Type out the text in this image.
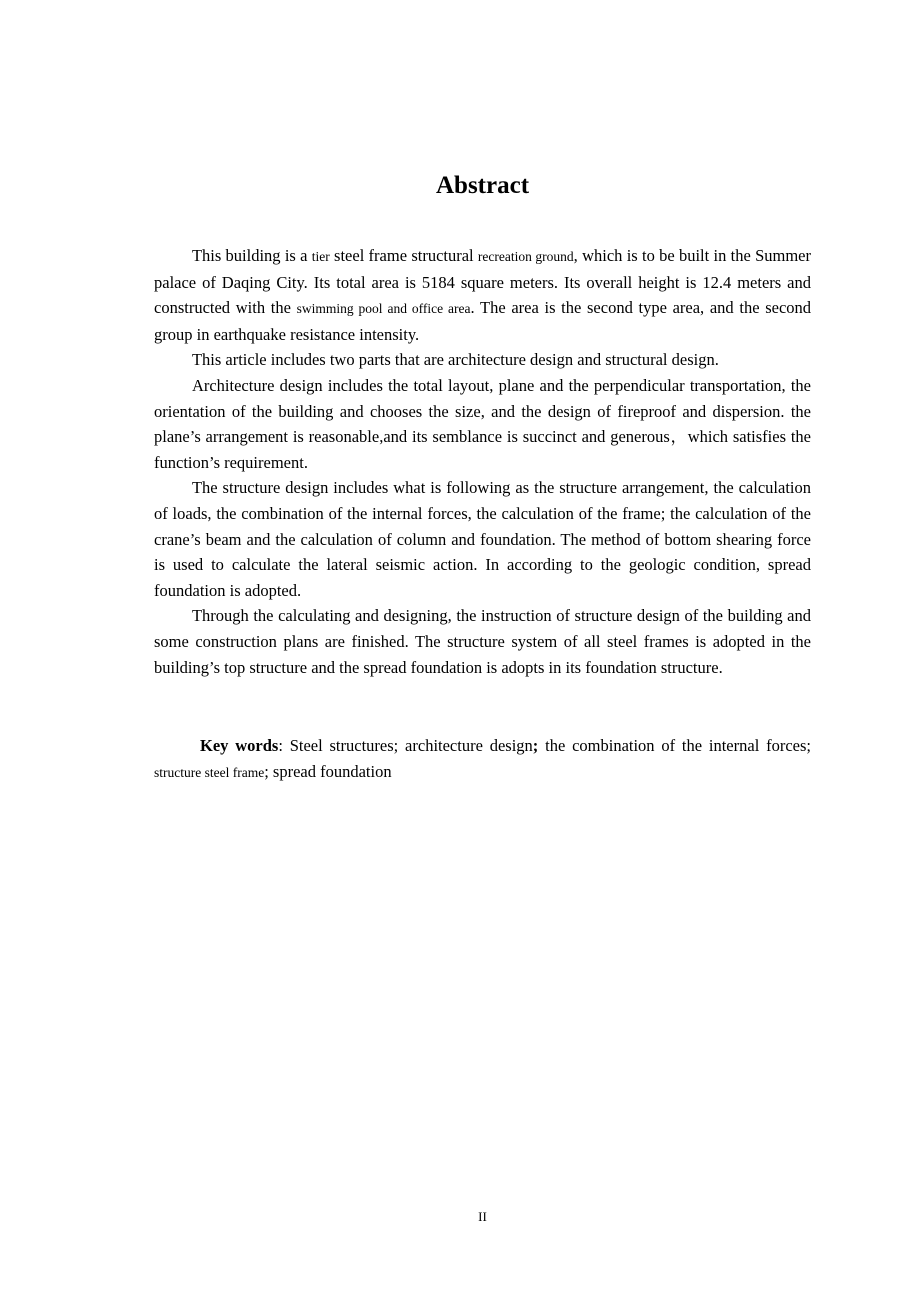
Abstract

This building is a tier steel frame structural recreation ground, which is to be built in the Summer palace of Daqing City. Its total area is 5184 square meters. Its overall height is 12.4 meters and constructed with the swimming pool and office area. The area is the second type area, and the second group in earthquake resistance intensity.

This article includes two parts that are architecture design and structural design.

Architecture design includes the total layout, plane and the perpendicular transportation, the orientation of the building and chooses the size, and the design of fireproof and dispersion. the plane’s arrangement is reasonable,and its semblance is succinct and generous，which satisfies the function’s requirement.

The structure design includes what is following as the structure arrangement, the calculation of loads, the combination of the internal forces, the calculation of the frame; the calculation of the crane’s beam and the calculation of column and foundation. The method of bottom shearing force is used to calculate the lateral seismic action. In according to the geologic condition, spread foundation is adopted.

Through the calculating and designing, the instruction of structure design of the building and some construction plans are finished. The structure system of all steel frames is adopted in the building’s top structure and the spread foundation is adopts in its foundation structure.

Key words: Steel structures; architecture design; the combination of the internal forces; structure steel frame; spread foundation
II
